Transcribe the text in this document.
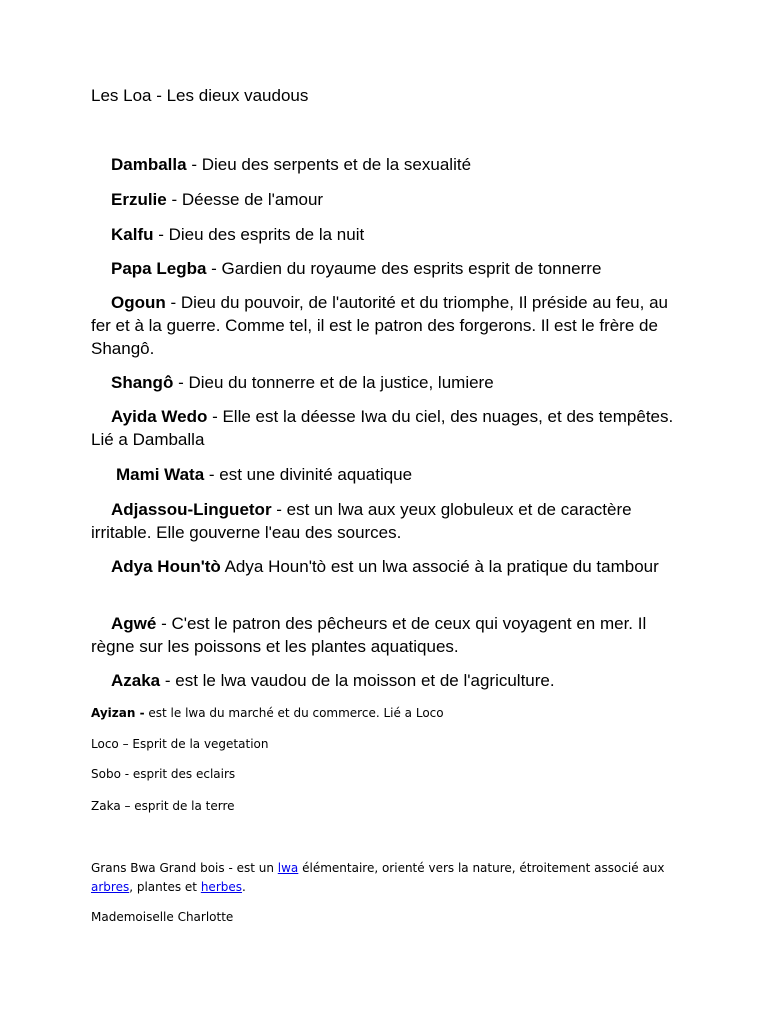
Les Loa - Les dieux vaudous
Damballa - Dieu des serpents et de la sexualité
Erzulie - Déesse de l'amour
Kalfu - Dieu des esprits de la nuit
Papa Legba - Gardien du royaume des esprits esprit de tonnerre
Ogoun - Dieu du pouvoir, de l'autorité et du triomphe, Il préside au feu, au fer et à la guerre. Comme tel, il est le patron des forgerons. Il est le frère de Shangô.
Shangô - Dieu du tonnerre et de la justice, lumiere
Ayida Wedo - Elle est la déesse Iwa du ciel, des nuages, et des tempêtes. Lié a Damballa
Mami Wata - est une divinité aquatique
Adjassou-Linguetor - est un lwa aux yeux globuleux et de caractère irritable. Elle gouverne l'eau des sources.
Adya Houn'tò Adya Houn'tò est un lwa associé à la pratique du tambour
Agwé - C'est le patron des pêcheurs et de ceux qui voyagent en mer. Il règne sur les poissons et les plantes aquatiques.
Azaka - est le lwa vaudou de la moisson et de l'agriculture.
Ayizan - est le lwa du marché et du commerce. Lié a Loco
Loco – Esprit de la vegetation
Sobo - esprit des eclairs
Zaka – esprit de la terre
Grans Bwa Grand bois - est un lwa élémentaire, orienté vers la nature, étroitement associé aux
arbres, plantes et herbes.
Mademoiselle Charlotte
